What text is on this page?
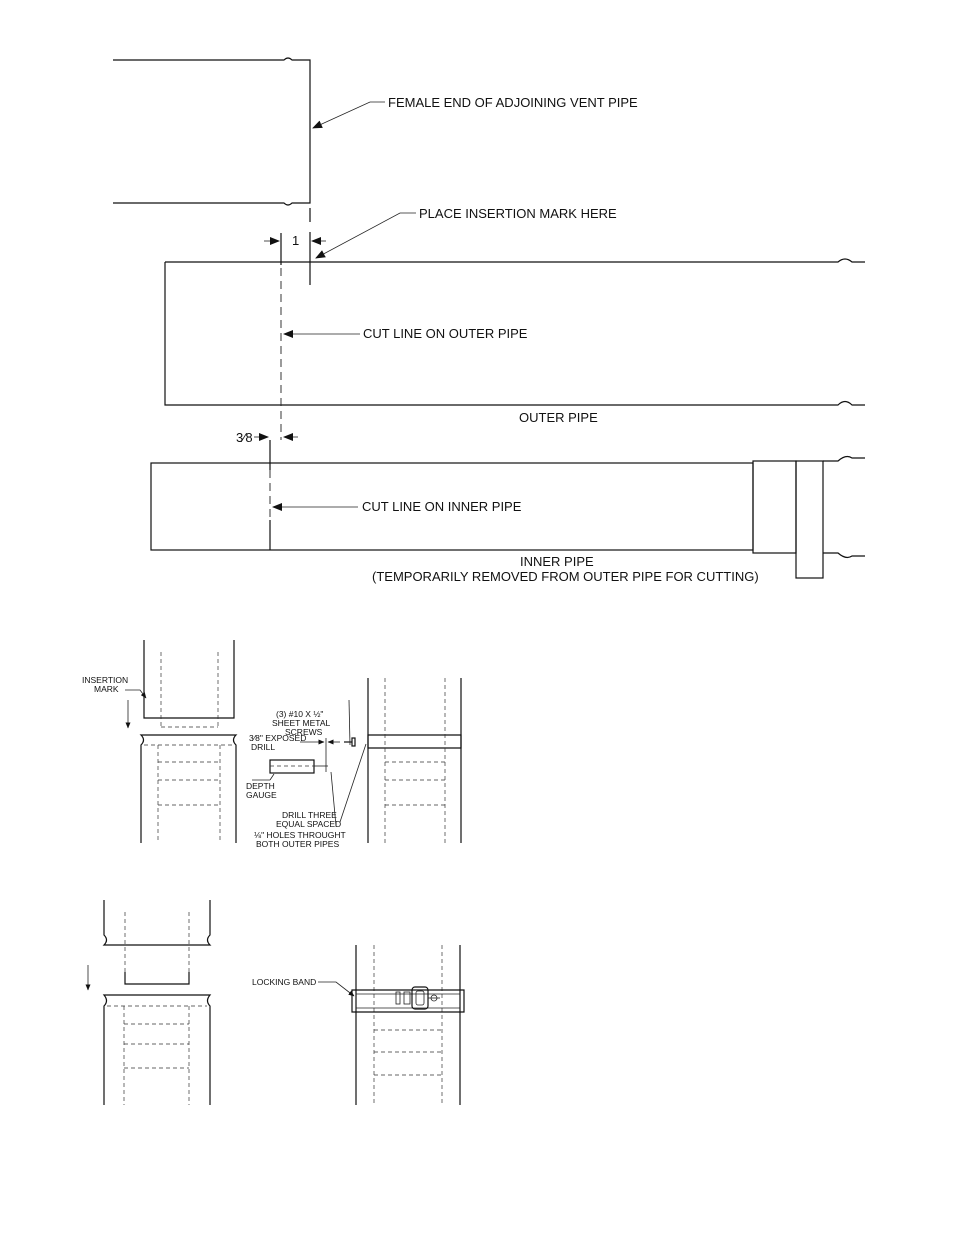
FEMALE END OF ADJOINING VENT PIPE
PLACE INSERTION MARK HERE
1
CUT LINE ON OUTER PIPE
OUTER PIPE
3⁄8
CUT LINE ON INNER PIPE
INNER PIPE
(TEMPORARILY REMOVED FROM OUTER PIPE FOR CUTTING)
INSERTION
MARK
(3) #10 X ½"
SHEET METAL
SCREWS
3⁄8" EXPOSED
DRILL
DEPTH
GAUGE
DRILL THREE
EQUAL SPACED
⅛" HOLES THROUGHT
BOTH OUTER PIPES
LOCKING BAND
